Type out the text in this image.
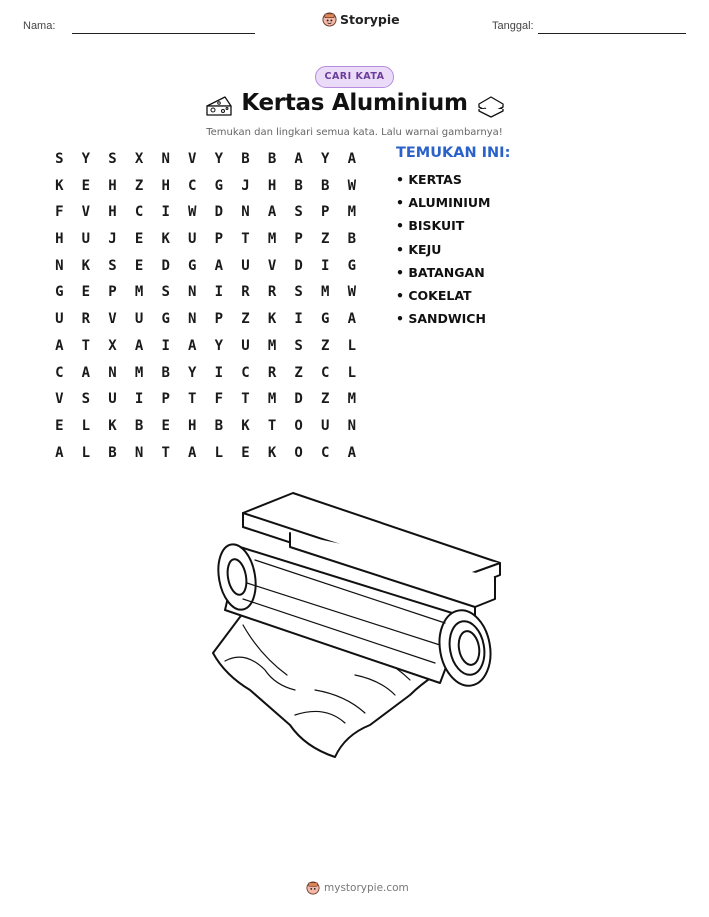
Nama:	Storypie	Tanggal:
CARI KATA
Kertas Aluminium
Temukan dan lingkari semua kata. Lalu warnai gambarnya!
S	Y	S	X	N	V	Y	B	B	A	Y	A
K	E	H	Z	H	C	G	J	H	B	B	W
F	V	H	C	I	W	D	N	A	S	P	M
H	U	J	E	K	U	P	T	M	P	Z	B
N	K	S	E	D	G	A	U	V	D	I	G
G	E	P	M	S	N	I	R	R	S	M	W
U	R	V	U	G	N	P	Z	K	I	G	A
A	T	X	A	I	A	Y	U	M	S	Z	L
C	A	N	M	B	Y	I	C	R	Z	C	L
V	S	U	I	P	T	F	T	M	D	Z	M
E	L	K	B	E	H	B	K	T	O	U	N
A	L	B	N	T	A	L	E	K	O	C	A
TEMUKAN INI:
• KERTAS
• ALUMINIUM
• BISKUIT
• KEJU
• BATANGAN
• COKELAT
• SANDWICH
mystorypie.com
